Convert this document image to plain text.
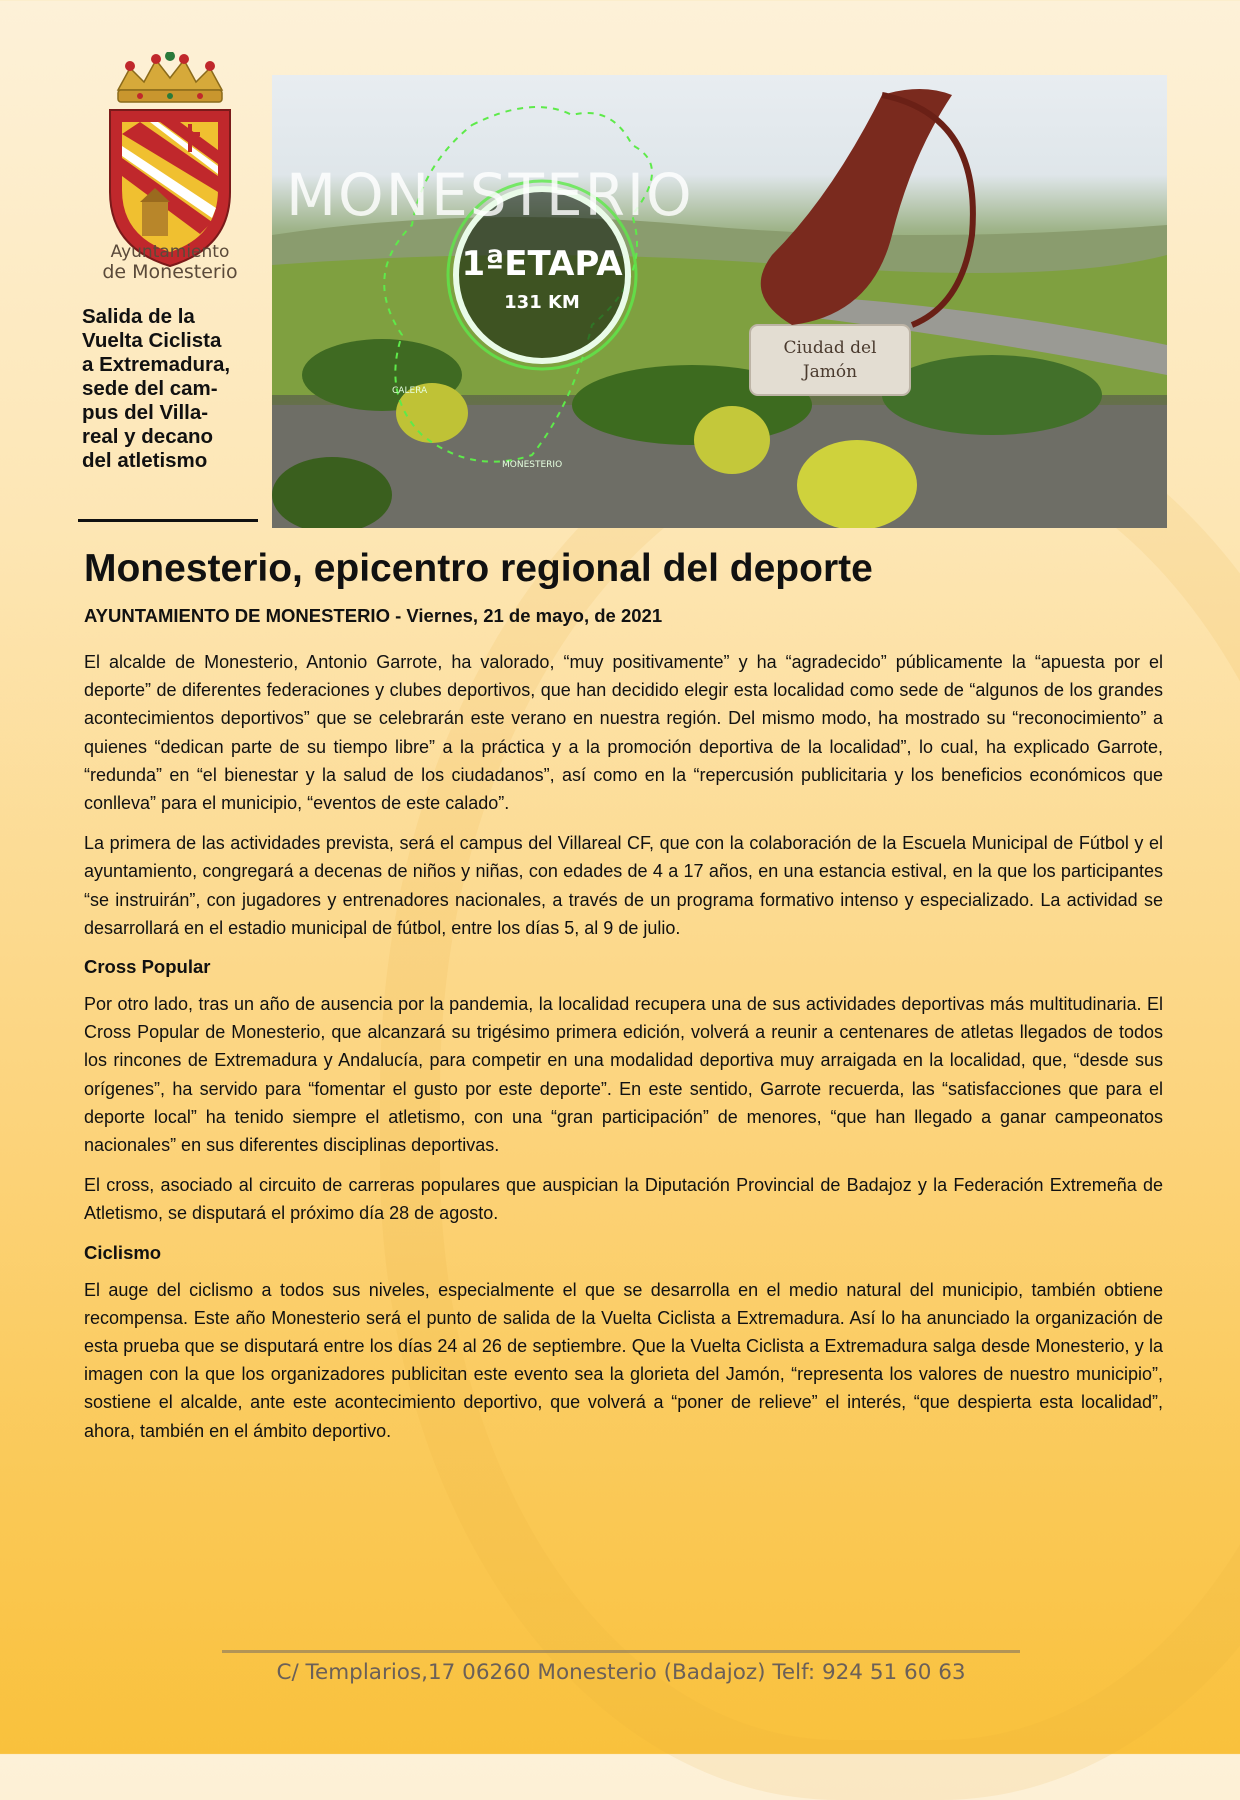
Ayuntamiento
de Monesterio
Salida de la
Vuelta Ciclista
a Extremadura,
sede del cam-
pus del Villa-
real y decano
del atletismo
MONESTERIO
1ªETAPA
131 KM
Ciudad del
Jamón
CALERA
MONESTERIO
Monesterio, epicentro regional del deporte
AYUNTAMIENTO DE MONESTERIO - Viernes, 21 de mayo, de 2021

El alcalde de Monesterio, Antonio Garrote, ha valorado, “muy positivamente” y ha “agradecido” públicamente la “apuesta por el deporte” de diferentes federaciones y clubes deportivos, que han decidido elegir esta localidad como sede de “algunos de los grandes acontecimientos deportivos” que se celebrarán este verano en nuestra región. Del mismo modo, ha mostrado su “reconocimiento” a quienes “dedican parte de su tiempo libre” a la práctica y a la promoción deportiva de la localidad”, lo cual, ha explicado Garrote, “redunda” en “el bienestar y la salud de los ciudadanos”, así como en la “repercusión publicitaria y los beneficios económicos que conlleva” para el municipio, “eventos de este calado”.

La primera de las actividades prevista, será el campus del Villareal CF, que con la colaboración de la Escuela Municipal de Fútbol y el ayuntamiento, congregará a decenas de niños y niñas, con edades de 4 a 17 años, en una estancia estival, en la que los participantes “se instruirán”, con jugadores y entrenadores nacionales, a través de un programa formativo intenso y especializado. La actividad se desarrollará en el estadio municipal de fútbol, entre los días 5, al 9 de julio.

Cross Popular

Por otro lado, tras un año de ausencia por la pandemia, la localidad recupera una de sus actividades deportivas más multitudinaria. El Cross Popular de Monesterio, que alcanzará su trigésimo primera edición, volverá a reunir a centenares de atletas llegados de todos los rincones de Extremadura y Andalucía, para competir en una modalidad deportiva muy arraigada en la localidad, que, “desde sus orígenes”, ha servido para “fomentar el gusto por este deporte”. En este sentido, Garrote recuerda, las “satisfacciones que para el deporte local” ha tenido siempre el atletismo, con una “gran participación” de menores, “que han llegado a ganar campeonatos nacionales” en sus diferentes disciplinas deportivas.

El cross, asociado al circuito de carreras populares que auspician la Diputación Provincial de Badajoz y la Federación Extremeña de Atletismo, se disputará el próximo día 28 de agosto.

Ciclismo

El auge del ciclismo a todos sus niveles, especialmente el que se desarrolla en el medio natural del municipio, también obtiene recompensa. Este año Monesterio será el punto de salida de la Vuelta Ciclista a Extremadura. Así lo ha anunciado la organización de esta prueba que se disputará entre los días 24 al 26 de septiembre. Que la Vuelta Ciclista a Extremadura salga desde Monesterio, y la imagen con la que los organizadores publicitan este evento sea la glorieta del Jamón, “representa los valores de nuestro municipio”, sostiene el alcalde, ante este acontecimiento deportivo, que volverá a “poner de relieve” el interés, “que despierta esta localidad”, ahora, también en el ámbito deportivo.

C/ Templarios,17 06260 Monesterio (Badajoz) Telf: 924 51 60 63
